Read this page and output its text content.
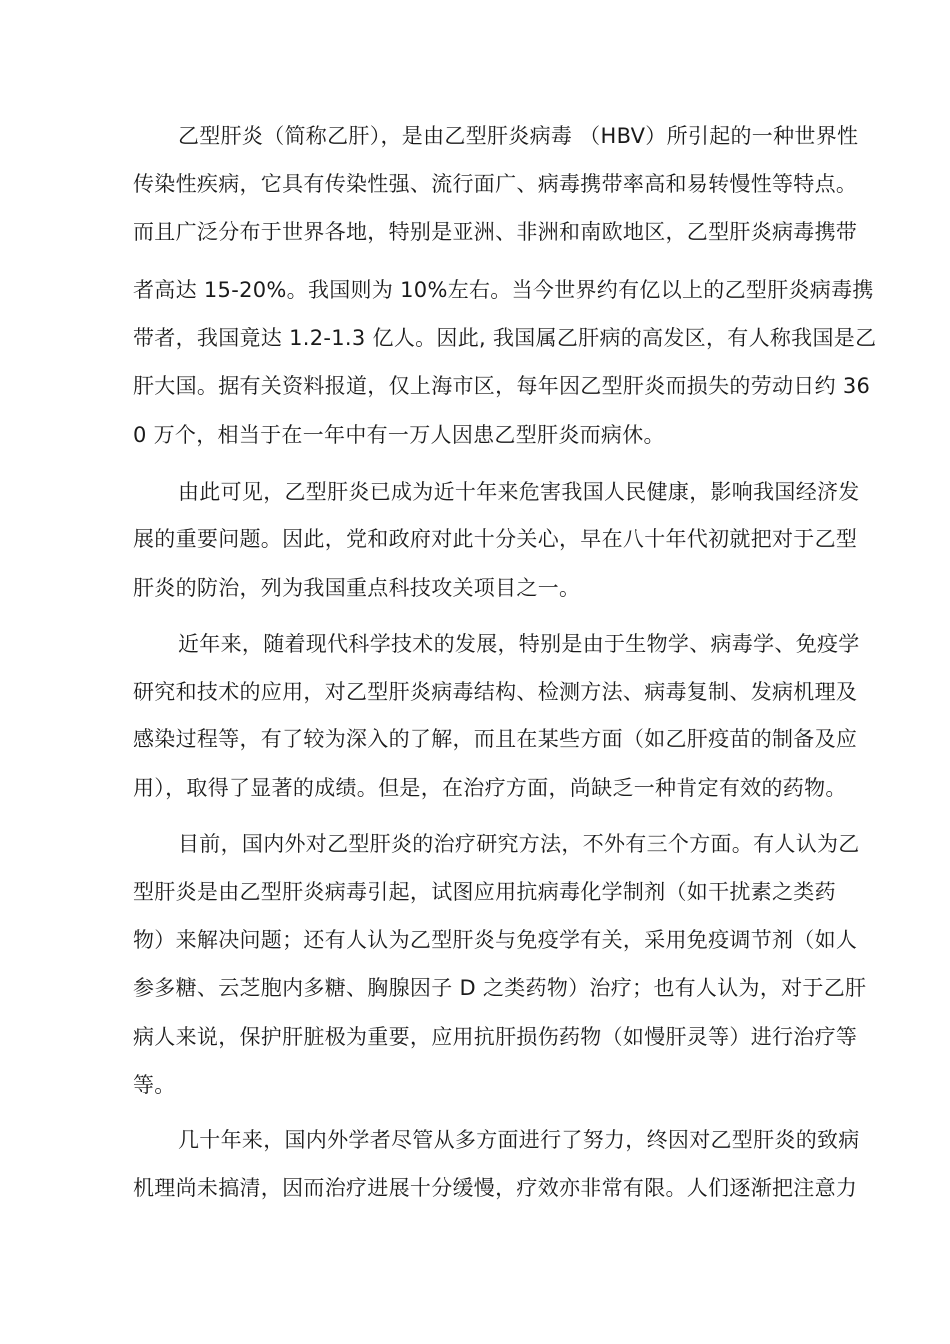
乙型肝炎（简称乙肝），是由乙型肝炎病毒 （HBV）所引起的一种世界性
传染性疾病，它具有传染性强、流行面广、病毒携带率高和易转慢性等特点。
而且广泛分布于世界各地，特别是亚洲、非洲和南欧地区，乙型肝炎病毒携带
者高达 15-20%。我国则为 10%左右。当今世界约有亿以上的乙型肝炎病毒携
带者，我国竟达 1.2-1.3 亿人。因此, 我国属乙肝病的高发区，有人称我国是乙
肝大国。据有关资料报道，仅上海市区，每年因乙型肝炎而损失的劳动日约 36
0 万个，相当于在一年中有一万人因患乙型肝炎而病休。
由此可见，乙型肝炎已成为近十年来危害我国人民健康，影响我国经济发
展的重要问题。因此，党和政府对此十分关心，早在八十年代初就把对于乙型
肝炎的防治，列为我国重点科技攻关项目之一。
近年来，随着现代科学技术的发展，特别是由于生物学、病毒学、免疫学
研究和技术的应用，对乙型肝炎病毒结构、检测方法、病毒复制、发病机理及
感染过程等，有了较为深入的了解，而且在某些方面（如乙肝疫苗的制备及应
用），取得了显著的成绩。但是，在治疗方面，尚缺乏一种肯定有效的药物。
目前，国内外对乙型肝炎的治疗研究方法，不外有三个方面。有人认为乙
型肝炎是由乙型肝炎病毒引起，试图应用抗病毒化学制剂（如干扰素之类药
物）来解决问题；还有人认为乙型肝炎与免疫学有关，采用免疫调节剂（如人
参多糖、云芝胞内多糖、胸腺因子 D 之类药物）治疗；也有人认为，对于乙肝
病人来说，保护肝脏极为重要，应用抗肝损伤药物（如慢肝灵等）进行治疗等
等。
几十年来，国内外学者尽管从多方面进行了努力，终因对乙型肝炎的致病
机理尚未搞清，因而治疗进展十分缓慢，疗效亦非常有限。人们逐渐把注意力
